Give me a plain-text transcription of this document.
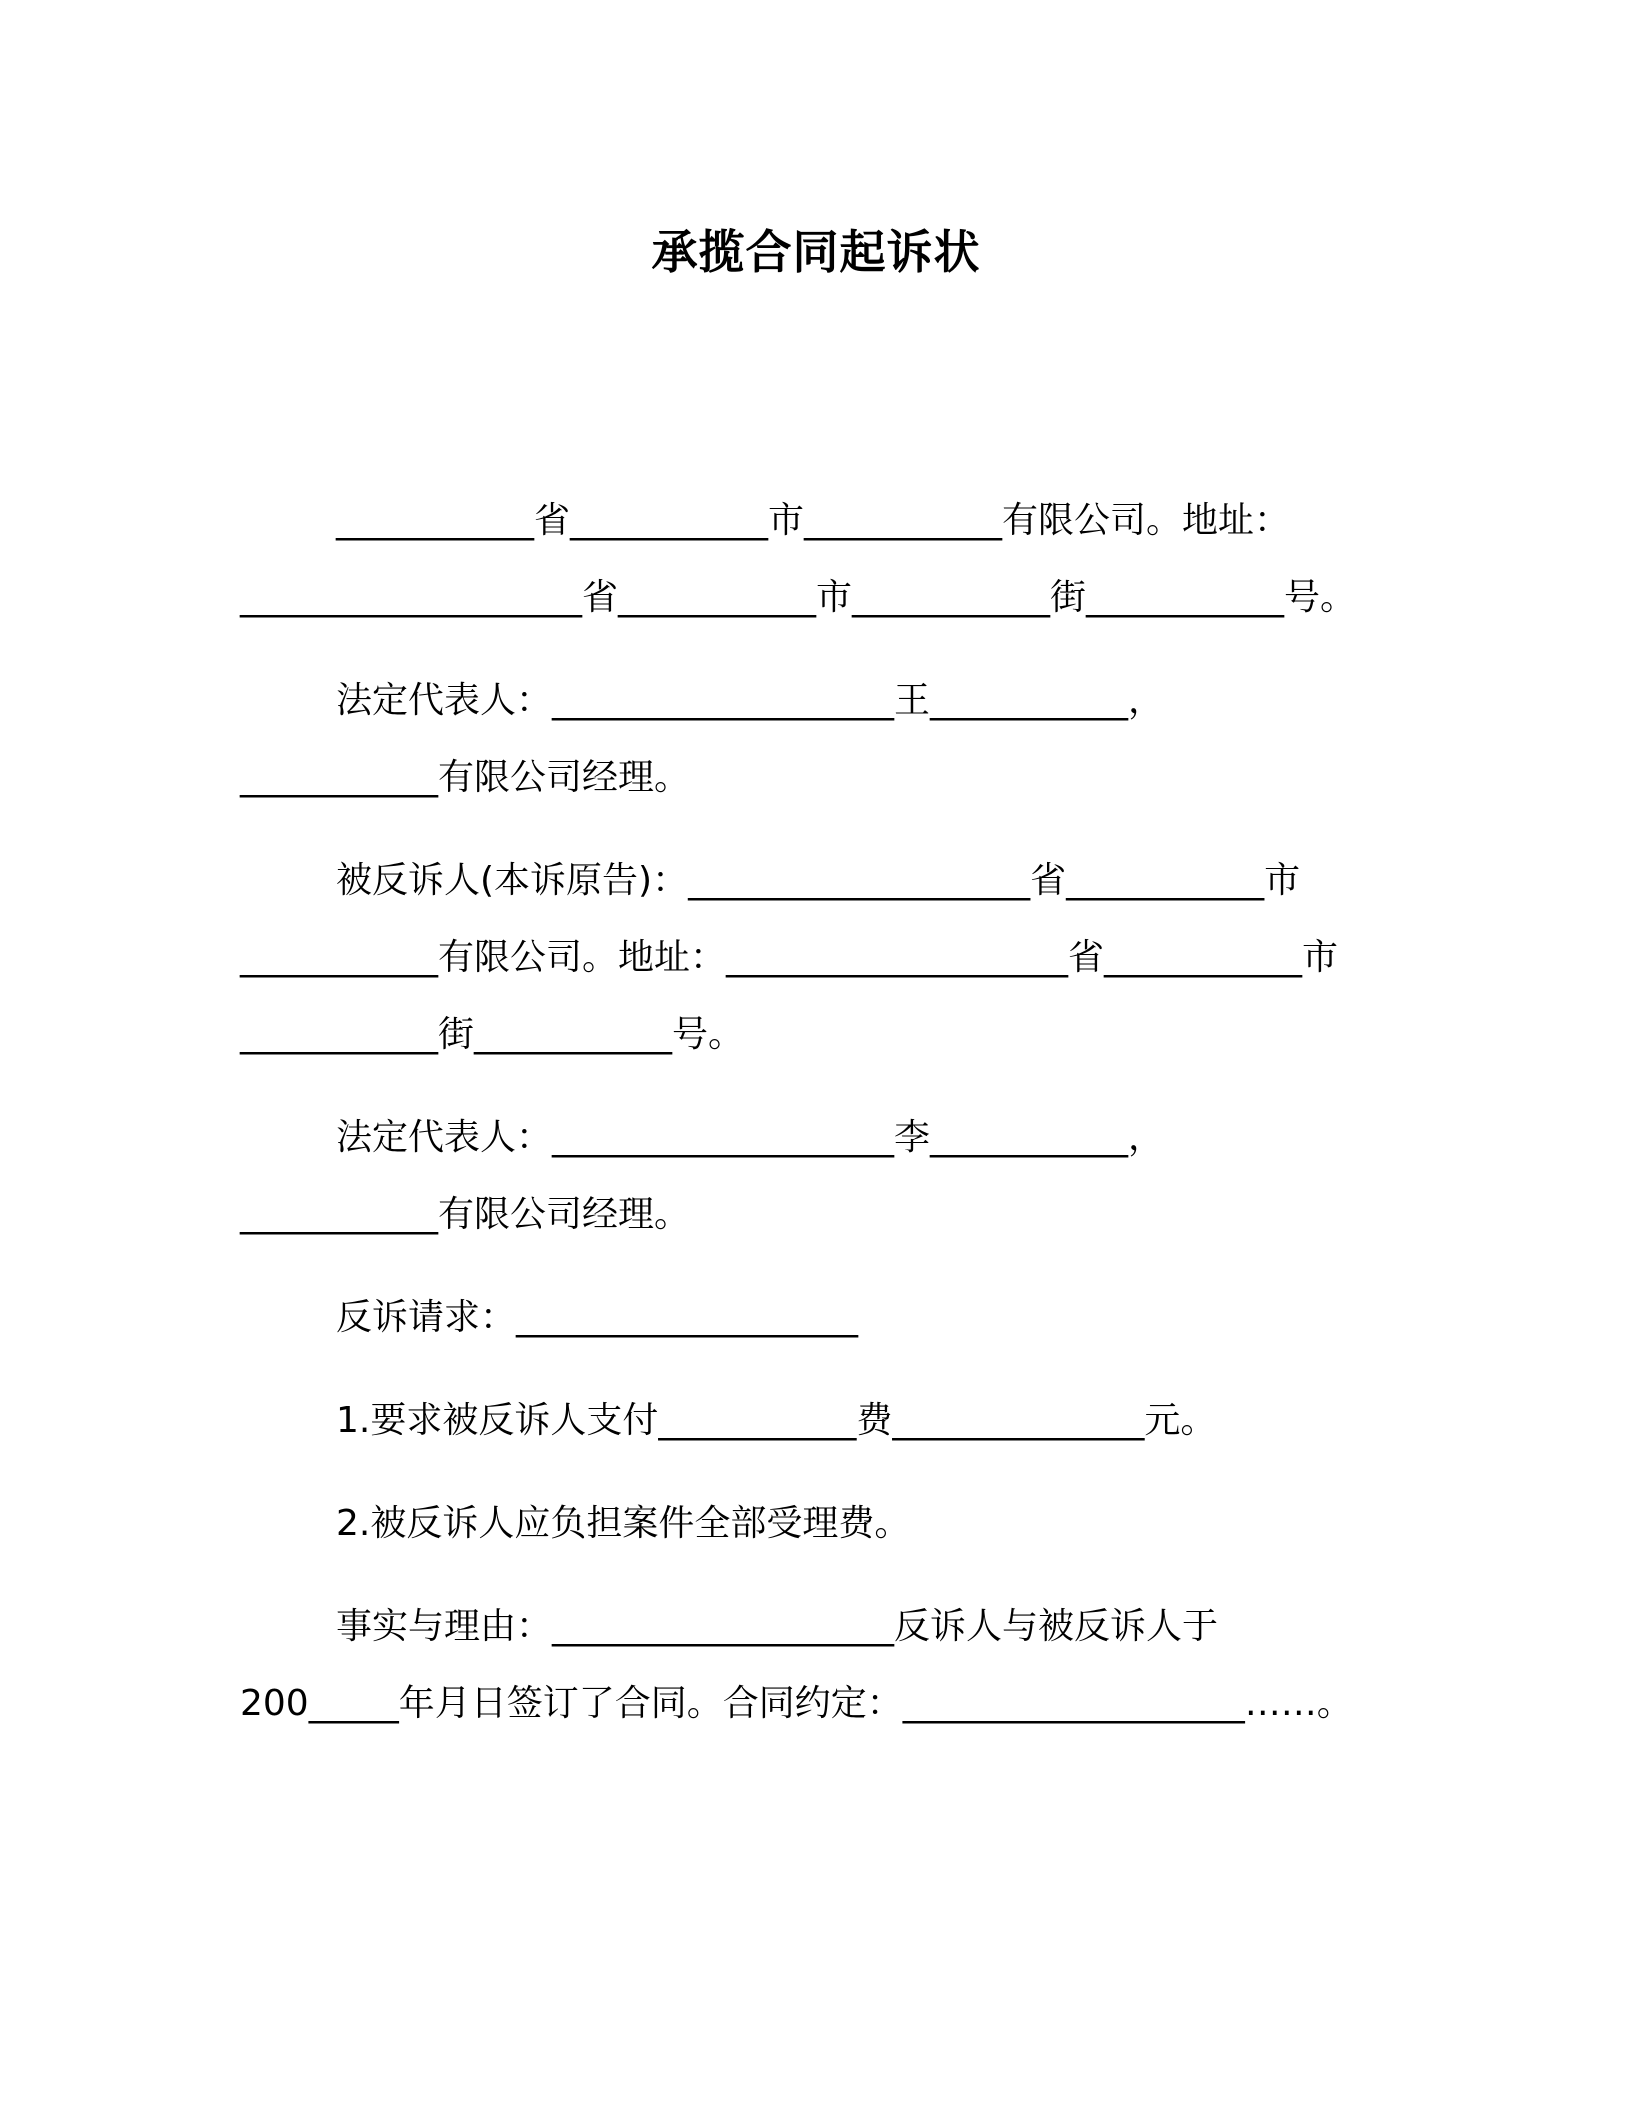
承揽合同起诉状
___________省___________市___________有限公司。地址：
___________________省___________市___________街___________号。
法定代表人：___________________王___________，
___________有限公司经理。
被反诉人(本诉原告)：___________________省___________市
___________有限公司。地址：___________________省___________市
___________街___________号。
法定代表人：___________________李___________，
___________有限公司经理。
反诉请求：___________________
1.要求被反诉人支付___________费______________元。
2.被反诉人应负担案件全部受理费。
事实与理由：___________________反诉人与被反诉人于
200_____年月日签订了合同。合同约定：___________________……。
